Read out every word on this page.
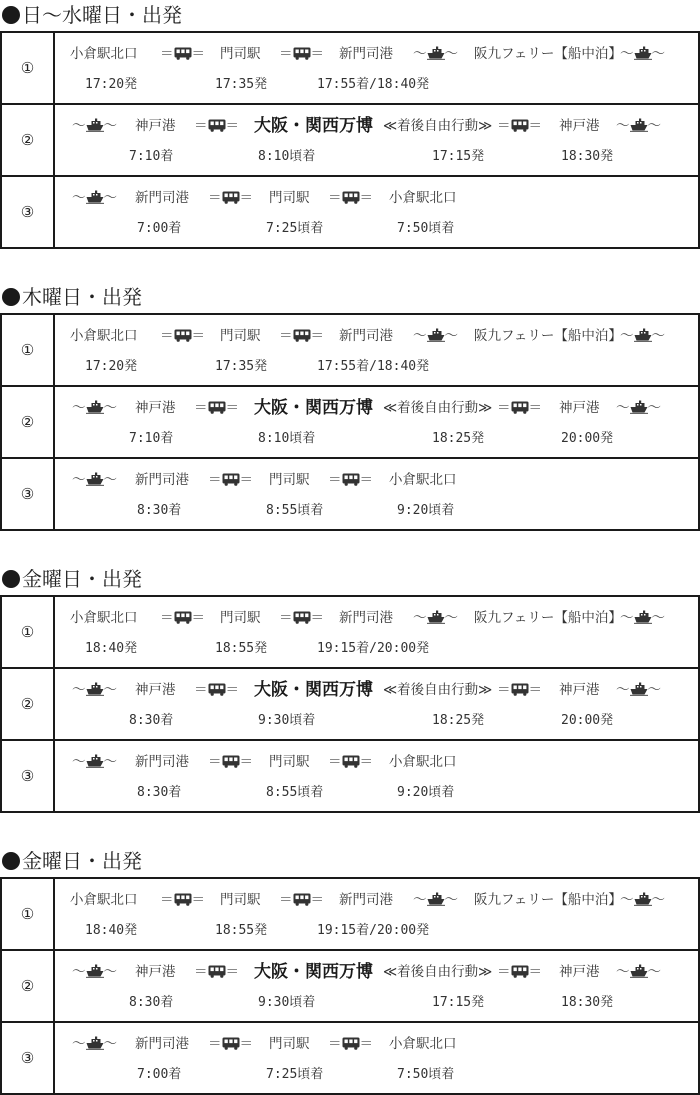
日～水曜日・出発
①
小倉駅北口 ＝ ＝ 門司駅 ＝ ＝ 新門司港 ～ ～ 阪九フェリー【船中泊】
～ ～
17:20発	17:35発	17:55着/18:40発
②
～ ～ 神戸港 ＝ ＝ 大阪・関西万博 ≪着後自由行動≫ ＝ ＝ 神戸港 ～ ～
7:10着	8:10頃着	17:15発	18:30発
③
～ ～ 新門司港 ＝ ＝ 門司駅 ＝ ＝ 小倉駅北口
7:00着	7:25頃着	7:50頃着
木曜日・出発
①
小倉駅北口 ＝ ＝ 門司駅 ＝ ＝ 新門司港 ～ ～ 阪九フェリー【船中泊】
～ ～
17:20発	17:35発	17:55着/18:40発
②
～ ～ 神戸港 ＝ ＝ 大阪・関西万博 ≪着後自由行動≫ ＝ ＝ 神戸港 ～ ～
7:10着	8:10頃着	18:25発	20:00発
③
～ ～ 新門司港 ＝ ＝ 門司駅 ＝ ＝ 小倉駅北口
8:30着	8:55頃着	9:20頃着
金曜日・出発
①
小倉駅北口 ＝ ＝ 門司駅 ＝ ＝ 新門司港 ～ ～ 阪九フェリー【船中泊】
～ ～
18:40発	18:55発	19:15着/20:00発
②
～ ～ 神戸港 ＝ ＝ 大阪・関西万博 ≪着後自由行動≫ ＝ ＝ 神戸港 ～ ～
8:30着	9:30頃着	18:25発	20:00発
③
～ ～ 新門司港 ＝ ＝ 門司駅 ＝ ＝ 小倉駅北口
8:30着	8:55頃着	9:20頃着
金曜日・出発
①
小倉駅北口 ＝ ＝ 門司駅 ＝ ＝ 新門司港 ～ ～ 阪九フェリー【船中泊】
～ ～
18:40発	18:55発	19:15着/20:00発
②
～ ～ 神戸港 ＝ ＝ 大阪・関西万博 ≪着後自由行動≫ ＝ ＝ 神戸港 ～ ～
8:30着	9:30頃着	17:15発	18:30発
③
～ ～ 新門司港 ＝ ＝ 門司駅 ＝ ＝ 小倉駅北口
7:00着	7:25頃着	7:50頃着
